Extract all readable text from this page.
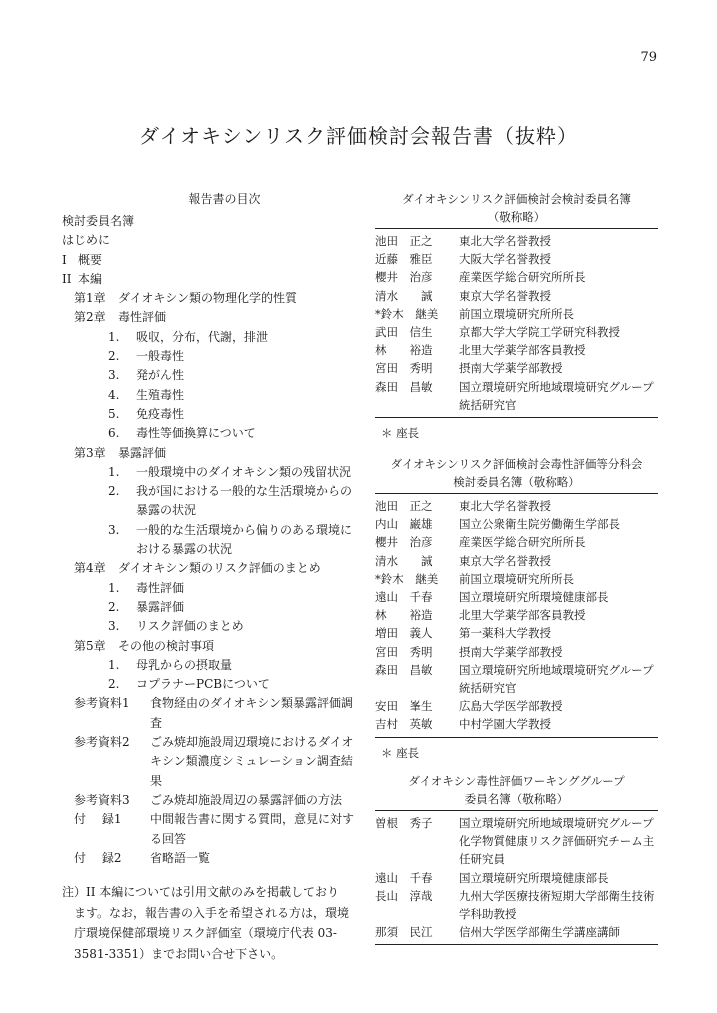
79
ダイオキシンリスク評価検討会報告書（抜粋）
報告書の目次
検討委員名簿
はじめに
I 概要
II 本編
第1章 ダイオキシン類の物理化学的性質
第2章 毒性評価
1. 吸収，分布，代謝，排泄
2. 一般毒性
3. 発がん性
4. 生殖毒性
5. 免疫毒性
6. 毒性等価換算について
第3章 暴露評価
1. 一般環境中のダイオキシン類の残留状況
2. 我が国における一般的な生活環境からの
暴露の状況
3. 一般的な生活環境から偏りのある環境に
おける暴露の状況
第4章 ダイオキシン類のリスク評価のまとめ
1. 毒性評価
2. 暴露評価
3. リスク評価のまとめ
第5章 その他の検討事項
1. 母乳からの摂取量
2. コプラナーPCBについて
参考資料1 食物経由のダイオキシン類暴露評価調
査
参考資料2 ごみ焼却施設周辺環境におけるダイオ
キシン類濃度シミュレーション調査結
果
参考資料3 ごみ焼却施設周辺の暴露評価の方法
付　 録1 中間報告書に関する質問，意見に対す
る回答
付　 録2 省略語一覧
注）II 本編については引用文献のみを掲載しており
ます。なお，報告書の入手を希望される方は，環境
庁環境保健部環境リスク評価室（環境庁代表 03-
3581-3351）までお問い合せ下さい。
ダイオキシンリスク評価検討会検討委員名簿
（敬称略）
池田　正之	東北大学名誉教授
近藤　雅臣	大阪大学名誉教授
櫻井　治彦	産業医学総合研究所所長
清水　　誠	東京大学名誉教授
*鈴木　継美	前国立環境研究所所長
武田　信生	京都大学大学院工学研究科教授
林　　裕造	北里大学薬学部客員教授
宮田　秀明	摂南大学薬学部教授
森田　昌敏	国立環境研究所地域環境研究グループ統括研究官
＊ 座長
ダイオキシンリスク評価検討会毒性評価等分科会
検討委員名簿（敬称略）
池田　正之	東北大学名誉教授
内山　巌雄	国立公衆衛生院労働衛生学部長
櫻井　治彦	産業医学総合研究所所長
清水　　誠	東京大学名誉教授
*鈴木　継美	前国立環境研究所所長
遠山　千春	国立環境研究所環境健康部長
林　　裕造	北里大学薬学部客員教授
増田　義人	第一薬科大学教授
宮田　秀明	摂南大学薬学部教授
森田　昌敏	国立環境研究所地域環境研究グループ統括研究官
安田　峯生	広島大学医学部教授
吉村　英敏	中村学園大学教授
＊ 座長
ダイオキシン毒性評価ワーキンググループ
委員名簿（敬称略）
曽根　秀子	国立環境研究所地域環境研究グループ化学物質健康リスク評価研究チーム主任研究員
遠山　千春	国立環境研究所環境健康部長
長山　淳哉	九州大学医療技術短期大学部衛生技術学科助教授
那須　民江	信州大学医学部衛生学講座講師
